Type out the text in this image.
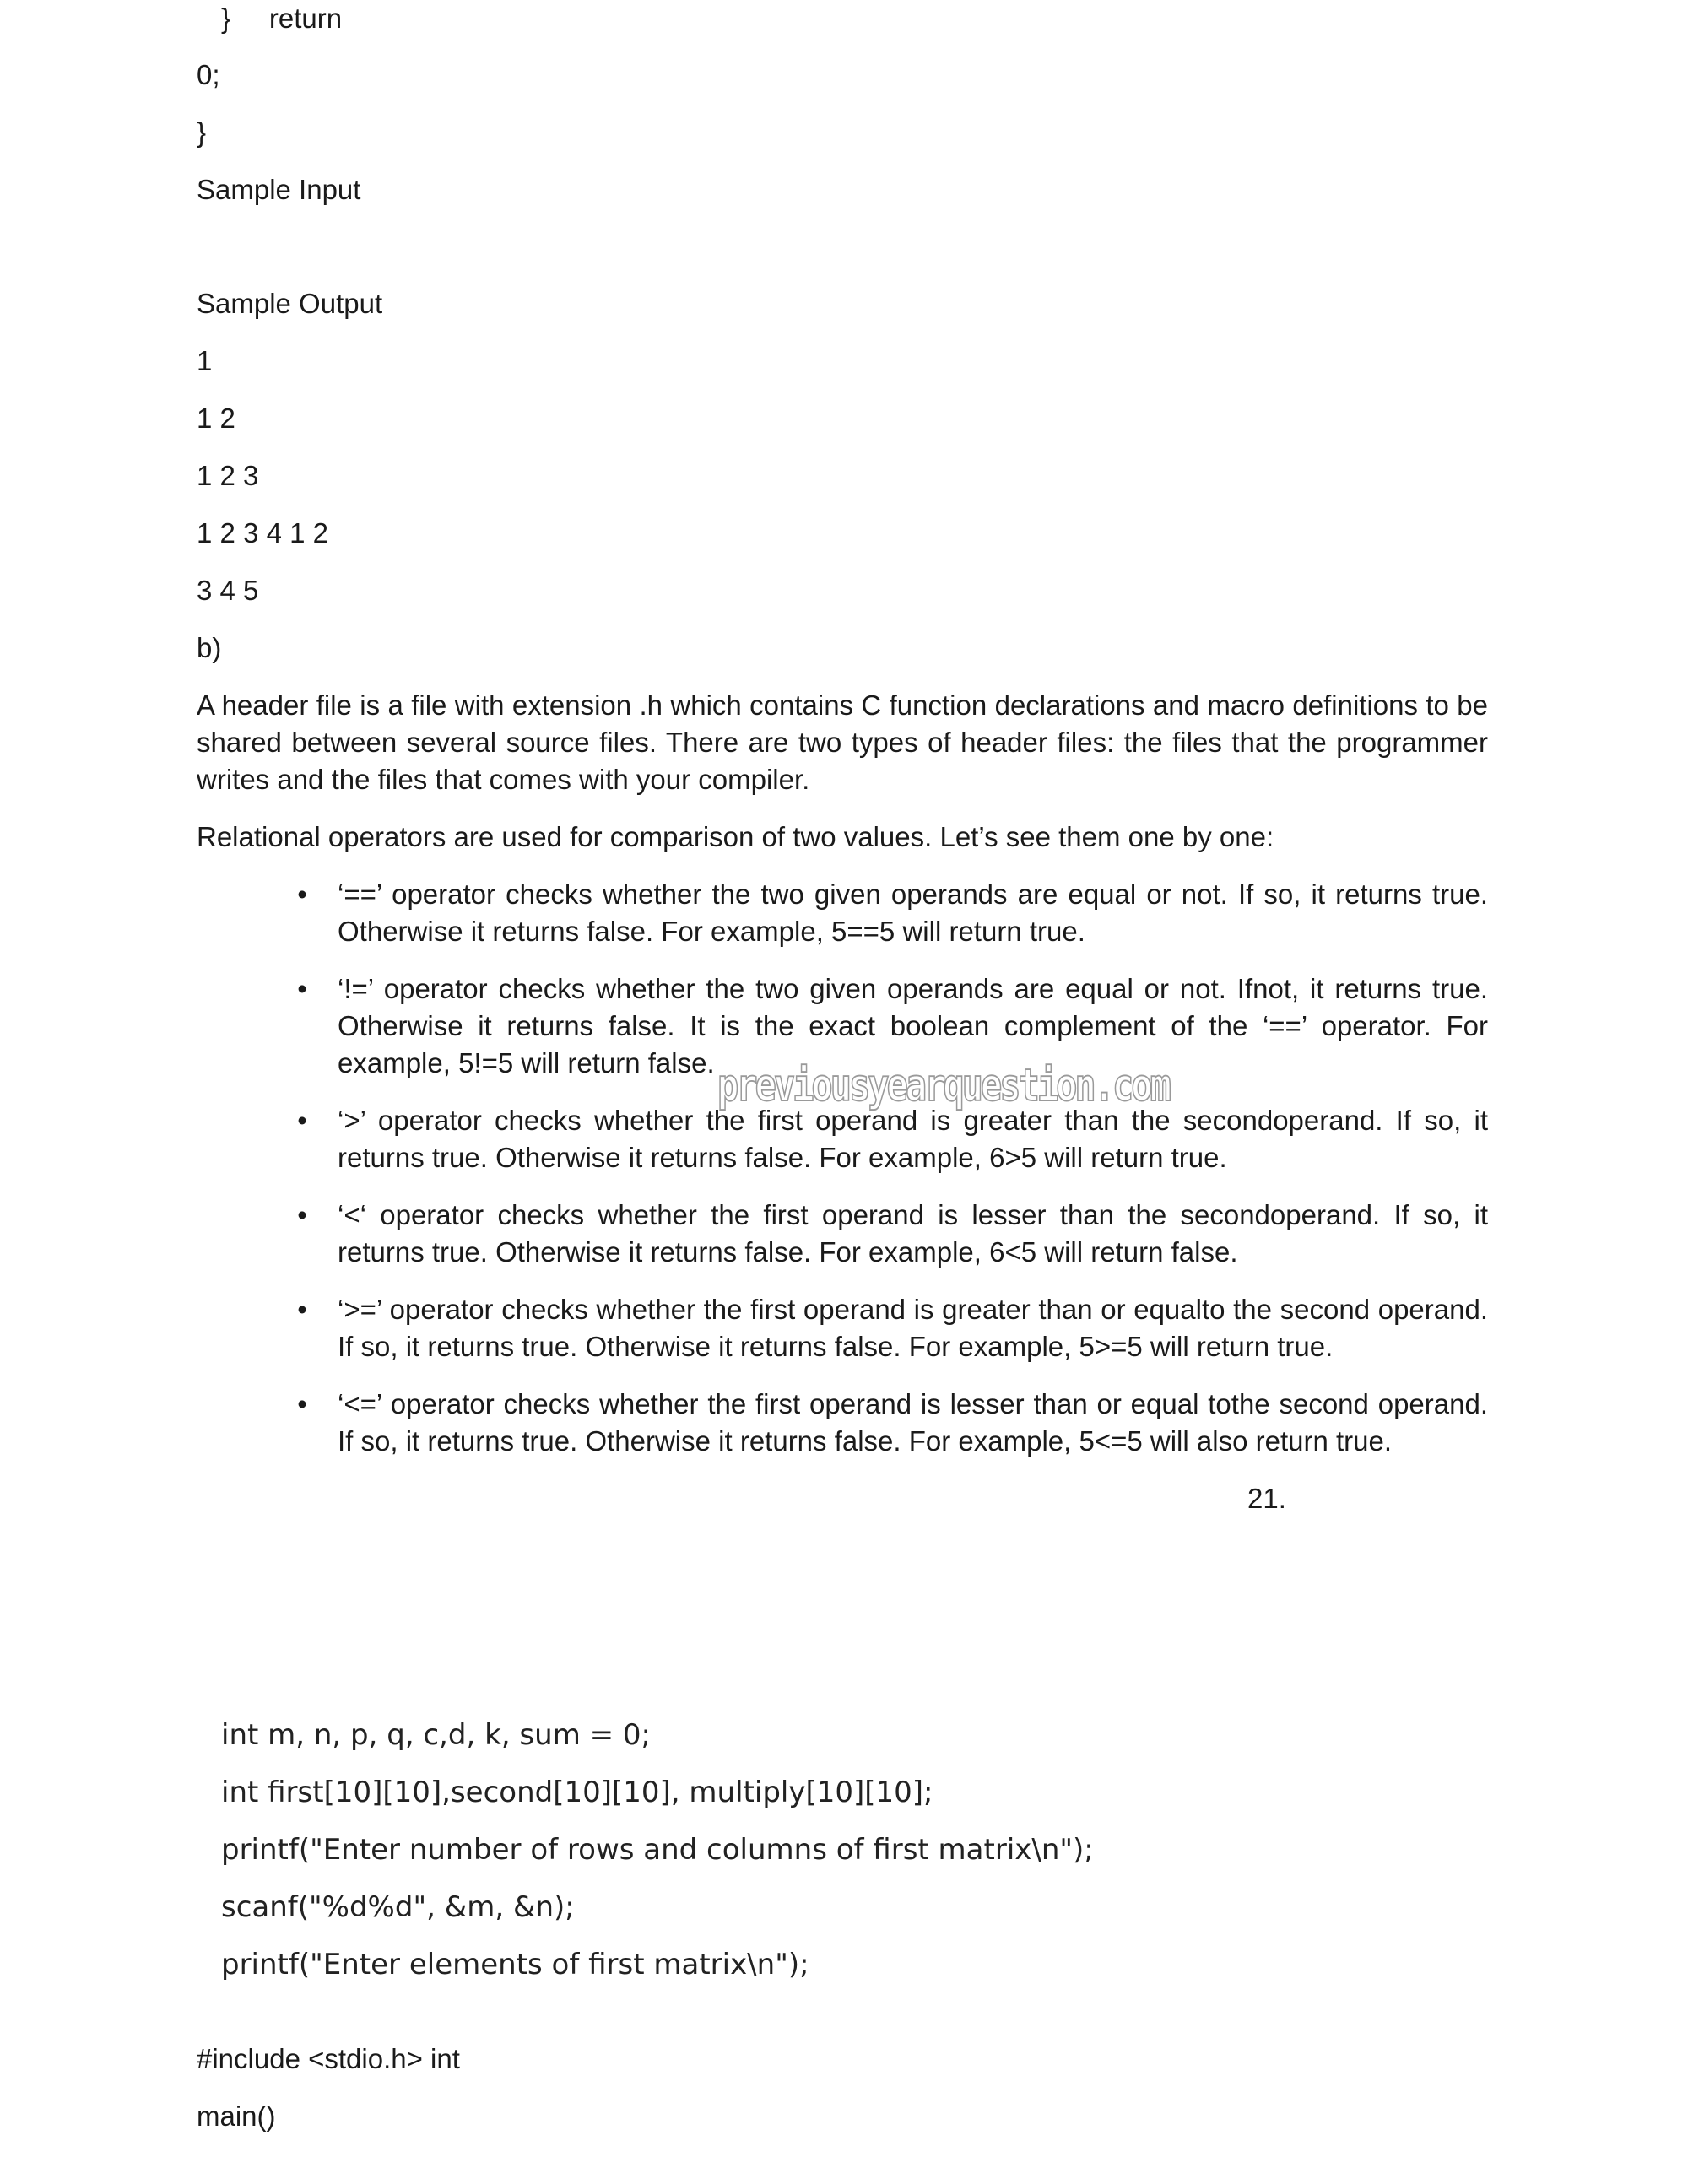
}     return
0;
}
Sample Input
Sample Output
1
1 2
1 2 3
1 2 3 4 1 2
3 4 5
b)
A header file is a file with extension .h which contains C function declarations and macro definitions to be shared between several source files. There are two types of header files: the files that the programmer writes and the files that comes with your compiler.
Relational operators are used for comparison of two values. Let’s see them one by one:
• ‘==’ operator checks whether the two given operands are equal or not. If so, it returns true. Otherwise it returns false. For example, 5==5 will return true.
• ‘!=’ operator checks whether the two given operands are equal or not. Ifnot, it returns true. Otherwise it returns false. It is the exact boolean complement of the ‘==’ operator. For example, 5!=5 will return false.
• ‘>’ operator checks whether the first operand is greater than the secondoperand. If so, it returns true. Otherwise it returns false. For example, 6>5 will return true.
• ‘<‘ operator checks whether the first operand is lesser than the secondoperand. If so, it returns true. Otherwise it returns false. For example, 6<5 will return false.
• ‘>=’ operator checks whether the first operand is greater than or equalto the second operand. If so, it returns true. Otherwise it returns false. For example, 5>=5 will return true.
• ‘<=’ operator checks whether the first operand is lesser than or equal tothe second operand. If so, it returns true. Otherwise it returns false. For example, 5<=5 will also return true.
21.
int m, n, p, q, c,d, k, sum = 0;
int first[10][10],second[10][10], multiply[10][10];
printf("Enter number of rows and columns of first matrix\n");
scanf("%d%d", &m, &n);
printf("Enter elements of first matrix\n");
#include <stdio.h> int
main()
previousyearquestion.com
